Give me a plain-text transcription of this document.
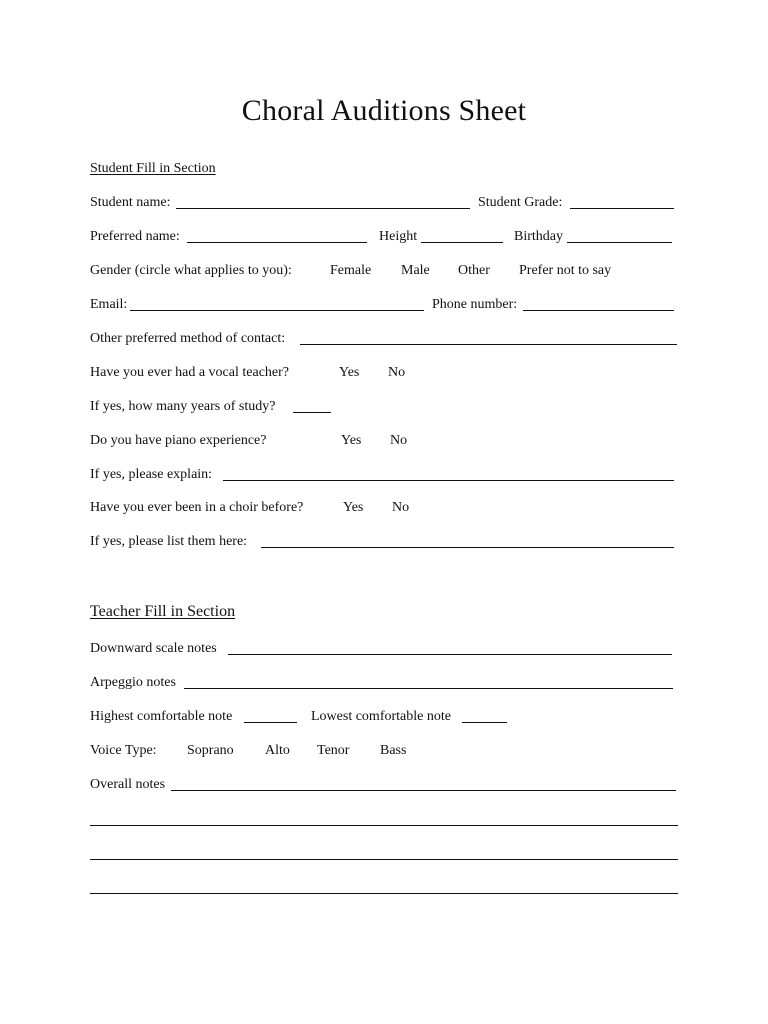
Choral Auditions Sheet
Student Fill in Section
Student name:	Student Grade:
Preferred name:	Height	Birthday
Gender (circle what applies to you):	Female Male Other Prefer not to say
Email:	Phone number:
Other preferred method of contact:
Have you ever had a vocal teacher?	Yes No
If yes, how many years of study?
Do you have piano experience?	Yes No
If yes, please explain:
Have you ever been in a choir before?	Yes No
If yes, please list them here:
Teacher Fill in Section
Downward scale notes
Arpeggio notes
Highest comfortable note	Lowest comfortable note
Voice Type: Soprano Alto Tenor Bass
Overall notes
